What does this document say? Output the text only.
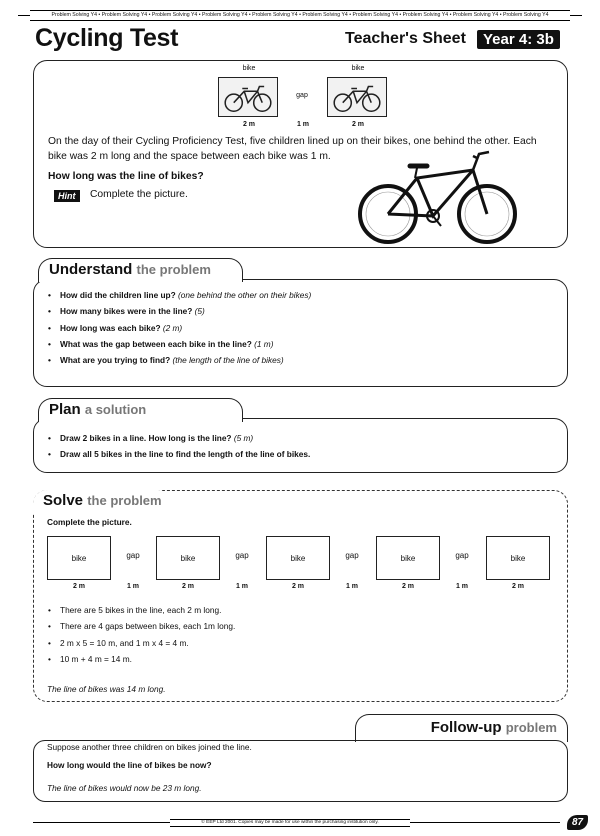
Problem Solving Y4 • Problem Solving Y4 • Problem Solving Y4 • Problem Solving Y4 • Problem Solving Y4 • Problem Solving Y4 • Problem Solving Y4 • Problem Solving Y4 • Problem Solving Y4 • Problem Solving Y4
Cycling Test	Teacher's Sheet	Year 4: 3b
bike	bike
gap
2 m	1 m	2 m
On the day of their Cycling Proficiency Test, five children lined up on their bikes, one behind the other. Each bike was 2 m long and the space between each bike was 1 m.
How long was the line of bikes?
Hint	Complete the picture.
Understand the problem
• How did the children line up? (one behind the other on their bikes)
• How many bikes were in the line? (5)
• How long was each bike? (2 m)
• What was the gap between each bike in the line? (1 m)
• What are you trying to find? (the length of the line of bikes)
Plan a solution
• Draw 2 bikes in a line. How long is the line? (5 m)
• Draw all 5 bikes in the line to find the length of the line of bikes.
Solve the problem
Complete the picture.
bike	gap	bike	gap	bike	gap	bike	gap	bike
2 m	1 m	2 m	1 m	2 m	1 m	2 m	1 m	2 m
• There are 5 bikes in the line, each 2 m long.
• There are 4 gaps between bikes, each 1m long.
• 2 m x 5 = 10 m, and 1 m x 4 = 4 m.
• 10 m + 4 m = 14 m.
The line of bikes was 14 m long.
Follow-up problem
Suppose another three children on bikes joined the line.
How long would the line of bikes be now?
The line of bikes would now be 23 m long.
© EEP Ltd 2001. Copies may be made for use within the purchasing institution only.	87
